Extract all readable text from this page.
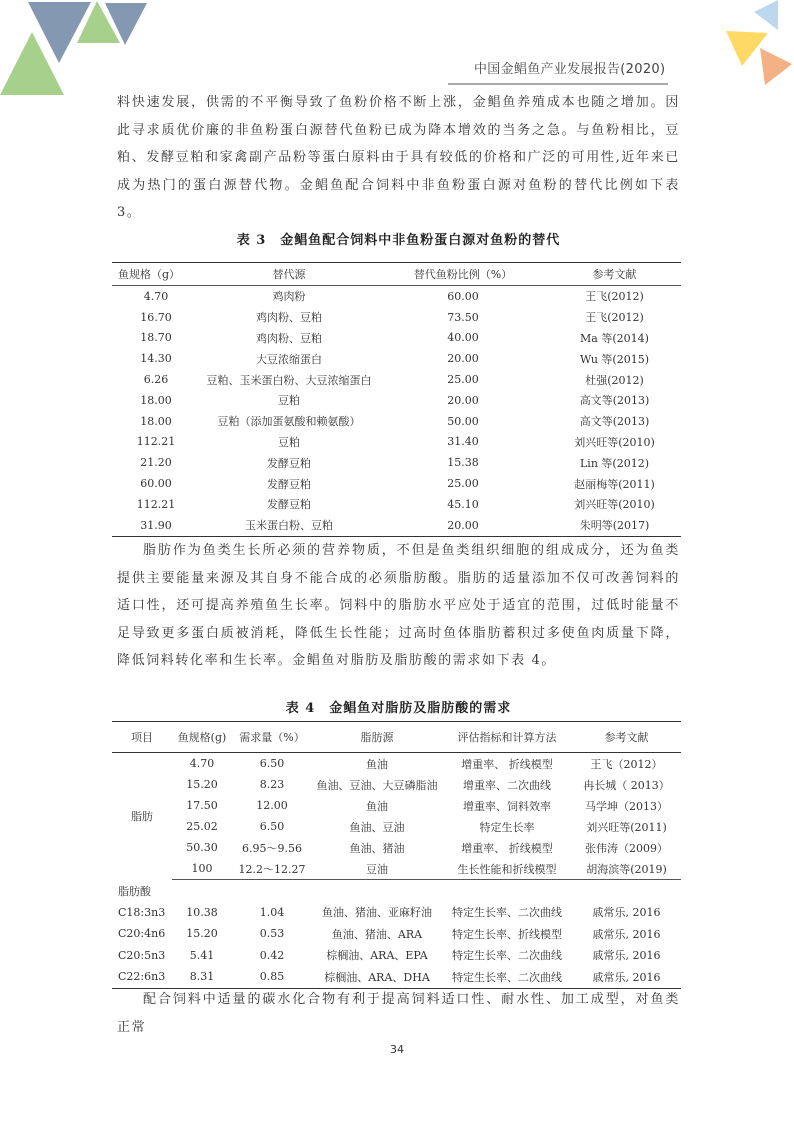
中国金鲳鱼产业发展报告(2020)

料快速发展，供需的不平衡导致了鱼粉价格不断上涨，金鲳鱼养殖成本也随之增加。因此寻求质优价廉的非鱼粉蛋白源替代鱼粉已成为降本增效的当务之急。与鱼粉相比，豆粕、发酵豆粕和家禽副产品粉等蛋白原料由于具有较低的价格和广泛的可用性,近年来已成为热门的蛋白源替代物。金鲳鱼配合饲料中非鱼粉蛋白源对鱼粉的替代比例如下表 3。

表 3　金鲳鱼配合饲料中非鱼粉蛋白源对鱼粉的替代
鱼规格（g）	替代源	替代鱼粉比例（%）	参考文献
4.70	鸡肉粉	60.00	王飞(2012)
16.70	鸡肉粉、豆粕	73.50	王飞(2012)
18.70	鸡肉粉、豆粕	40.00	Ma 等(2014)
14.30	大豆浓缩蛋白	20.00	Wu 等(2015)
6.26	豆粕、玉米蛋白粉、大豆浓缩蛋白	25.00	杜强(2012)
18.00	豆粕	20.00	高文等(2013)
18.00	豆粕（添加蛋氨酸和赖氨酸）	50.00	高文等(2013)
112.21	豆粕	31.40	刘兴旺等(2010)
21.20	发酵豆粕	15.38	Lin 等(2012)
60.00	发酵豆粕	25.00	赵丽梅等(2011)
112.21	发酵豆粕	45.10	刘兴旺等(2010)
31.90	玉米蛋白粉、豆粕	20.00	朱明等(2017)

脂肪作为鱼类生长所必须的营养物质，不但是鱼类组织细胞的组成成分，还为鱼类提供主要能量来源及其自身不能合成的必须脂肪酸。脂肪的适量添加不仅可改善饲料的适口性，还可提高养殖鱼生长率。饲料中的脂肪水平应处于适宜的范围，过低时能量不足导致更多蛋白质被消耗，降低生长性能；过高时鱼体脂肪蓄积过多使鱼肉质量下降，降低饲料转化率和生长率。金鲳鱼对脂肪及脂肪酸的需求如下表 4。

表 4　金鲳鱼对脂肪及脂肪酸的需求
项目	鱼规格(g)	需求量（%）	脂肪源	评估指标和计算方法	参考文献
脂肪	4.70	6.50	鱼油	增重率、 折线模型	王飞（2012）
	15.20	8.23	鱼油、豆油、大豆磷脂油	增重率、二次曲线	冉长城（ 2013）
	17.50	12.00	鱼油	增重率、饲料效率	马学坤（2013）
	25.02	6.50	鱼油、豆油	特定生长率	刘兴旺等(2011)
	50.30	6.95～9.56	鱼油、猪油	增重率、 折线模型	张伟涛（2009）
	100	12.2～12.27	豆油	生长性能和折线模型	胡海滨等(2019)
脂肪酸					
C18:3n3	10.38	1.04	鱼油、猪油、亚麻籽油	特定生长率、二次曲线	戚常乐, 2016
C20:4n6	15.20	0.53	鱼油、猪油、ARA	特定生长率、折线模型	戚常乐, 2016
C20:5n3	5.41	0.42	棕榈油、ARA、EPA	特定生长率、二次曲线	戚常乐, 2016
C22:6n3	8.31	0.85	棕榈油、ARA、DHA	特定生长率、二次曲线	戚常乐, 2016

配合饲料中适量的碳水化合物有利于提高饲料适口性、耐水性、加工成型，对鱼类正常

34
